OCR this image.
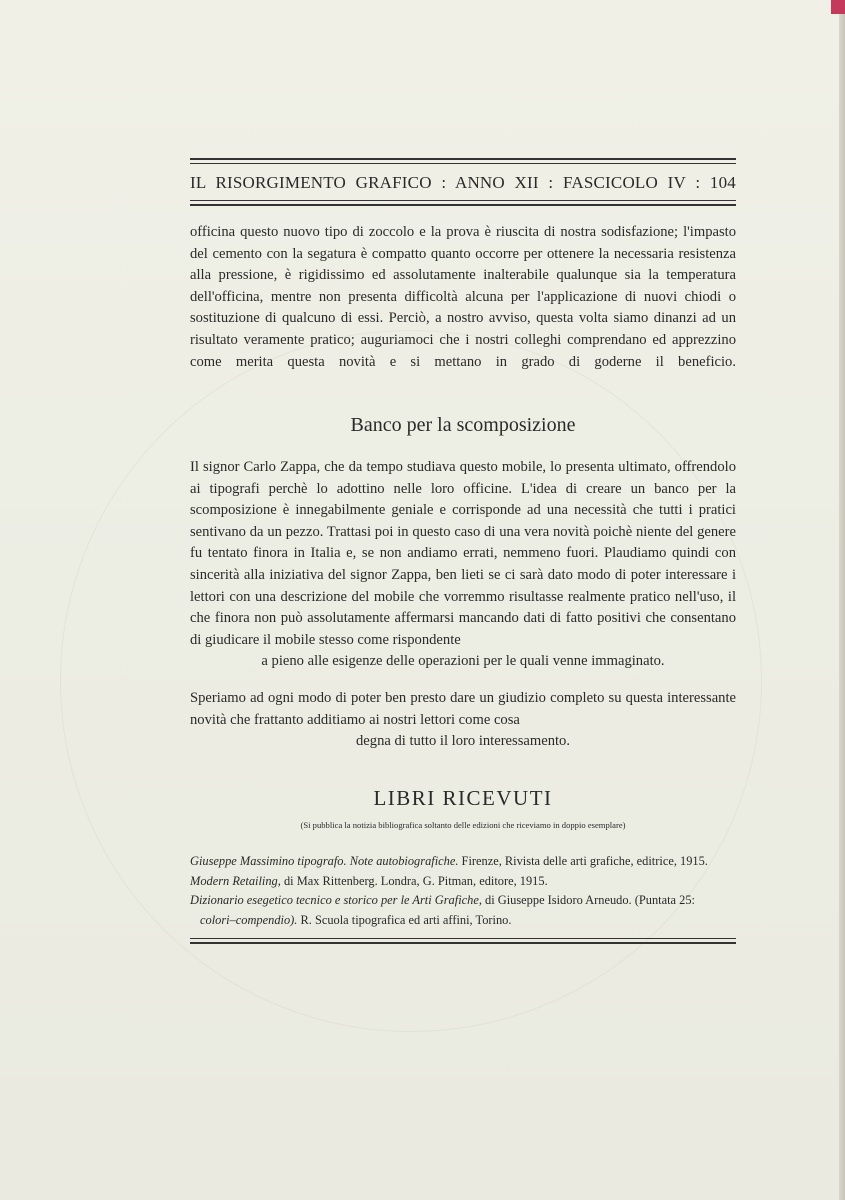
IL RISORGIMENTO GRAFICO : ANNO XII : FASCICOLO IV : 104

officina questo nuovo tipo di zoccolo e la prova è riuscita di nostra sodisfazione; l'impasto del cemento con la segatura è compatto quanto occorre per ottenere la necessaria resistenza alla pressione, è rigidissimo ed assolutamente inalterabile qualunque sia la temperatura dell'officina, mentre non presenta difficoltà alcuna per l'applicazione di nuovi chiodi o sostituzione di qualcuno di essi. Perciò, a nostro avviso, questa volta siamo dinanzi ad un risultato veramente pratico; auguriamoci che i nostri colleghi comprendano ed apprezzino come merita questa novità e si mettano in grado di goderne il beneficio.

Banco per la scomposizione

Il signor Carlo Zappa, che da tempo studiava questo mobile, lo presenta ultimato, offrendolo ai tipografi perchè lo adottino nelle loro officine. L'idea di creare un banco per la scomposizione è innegabilmente geniale e corrisponde ad una necessità che tutti i pratici sentivano da un pezzo. Trattasi poi in questo caso di una vera novità poichè niente del genere fu tentato finora in Italia e, se non andiamo errati, nemmeno fuori. Plaudiamo quindi con sincerità alla iniziativa del signor Zappa, ben lieti se ci sarà dato modo di poter interessare i lettori con una descrizione del mobile che vorremmo risultasse realmente pratico nell'uso, il che finora non può assolutamente affermarsi mancando dati di fatto positivi che consentano di giudicare il mobile stesso come rispondente
a pieno alle esigenze delle operazioni per le quali venne immaginato.

Speriamo ad ogni modo di poter ben presto dare un giudizio completo su questa interessante novità che frattanto additiamo ai nostri lettori come cosa
degna di tutto il loro interessamento.

LIBRI RICEVUTI
(Si pubblica la notizia bibliografica soltanto delle edizioni che riceviamo in doppio esemplare)

Giuseppe Massimino tipografo. Note autobiografiche. Firenze, Rivista delle arti grafiche, editrice, 1915.

Modern Retailing, di Max Rittenberg. Londra, G. Pitman, editore, 1915.

Dizionario esegetico tecnico e storico per le Arti Grafiche, di Giuseppe Isidoro Arneudo. (Puntata 25:
colori–compendio). R. Scuola tipografica ed arti affini, Torino.
